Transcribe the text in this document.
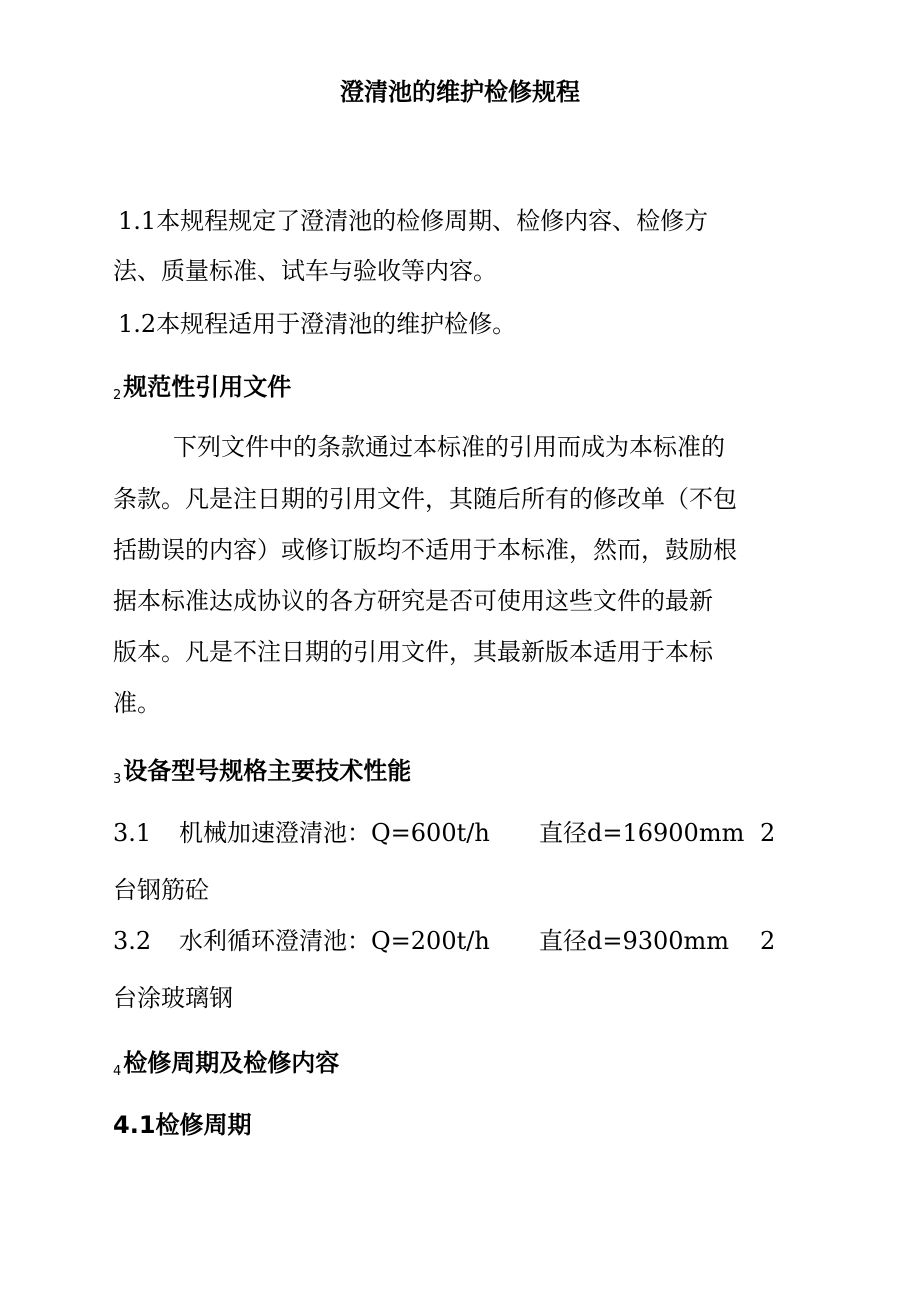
澄清池的维护检修规程
1.1本规程规定了澄清池的检修周期、检修内容、检修方
法、质量标准、试车与验收等内容。
1.2本规程适用于澄清池的维护检修。
2规范性引用文件
下列文件中的条款通过本标准的引用而成为本标准的
条款。凡是注日期的引用文件，其随后所有的修改单（不包
括勘误的内容）或修订版均不适用于本标准，然而，鼓励根
据本标准达成协议的各方研究是否可使用这些文件的最新
版本。凡是不注日期的引用文件，其最新版本适用于本标
准。
3设备型号规格主要技术性能
3.1 机械加速澄清池：Q=600t/h 直径d=16900mm 2
台钢筋砼
3.2 水利循环澄清池：Q=200t/h 直径d=9300mm 2
台涂玻璃钢
4检修周期及检修内容
4.1检修周期
